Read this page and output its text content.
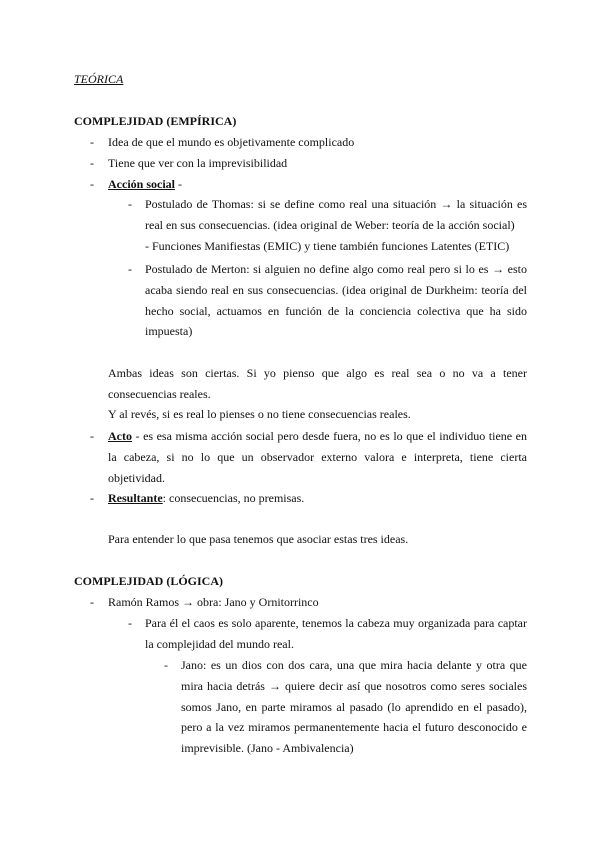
TEÓRICA
COMPLEJIDAD (EMPÍRICA)
- Idea de que el mundo es objetivamente complicado
- Tiene que ver con la imprevisibilidad
- Acción social -
- Postulado de Thomas: si se define como real una situación → la situación es real en sus consecuencias. (idea original de Weber: teoría de la acción social)
- Funciones Manifiestas (EMIC) y tiene también funciones Latentes (ETIC)
- Postulado de Merton: si alguien no define algo como real pero si lo es → esto acaba siendo real en sus consecuencias. (idea original de Durkheim: teoría del hecho social, actuamos en función de la conciencia colectiva que ha sido impuesta)
Ambas ideas son ciertas. Si yo pienso que algo es real sea o no va a tener consecuencias reales.
Y al revés, si es real lo pienses o no tiene consecuencias reales.
- Acto - es esa misma acción social pero desde fuera, no es lo que el individuo tiene en la cabeza, si no lo que un observador externo valora e interpreta, tiene cierta objetividad.
- Resultante: consecuencias, no premisas.
Para entender lo que pasa tenemos que asociar estas tres ideas.
COMPLEJIDAD (LÓGICA)
- Ramón Ramos → obra: Jano y Ornitorrinco
- Para él el caos es solo aparente, tenemos la cabeza muy organizada para captar la complejidad del mundo real.
- Jano: es un dios con dos cara, una que mira hacia delante y otra que mira hacia detrás → quiere decir así que nosotros como seres sociales somos Jano, en parte miramos al pasado (lo aprendido en el pasado), pero a la vez miramos permanentemente hacia el futuro desconocido e imprevisible. (Jano - Ambivalencia)
